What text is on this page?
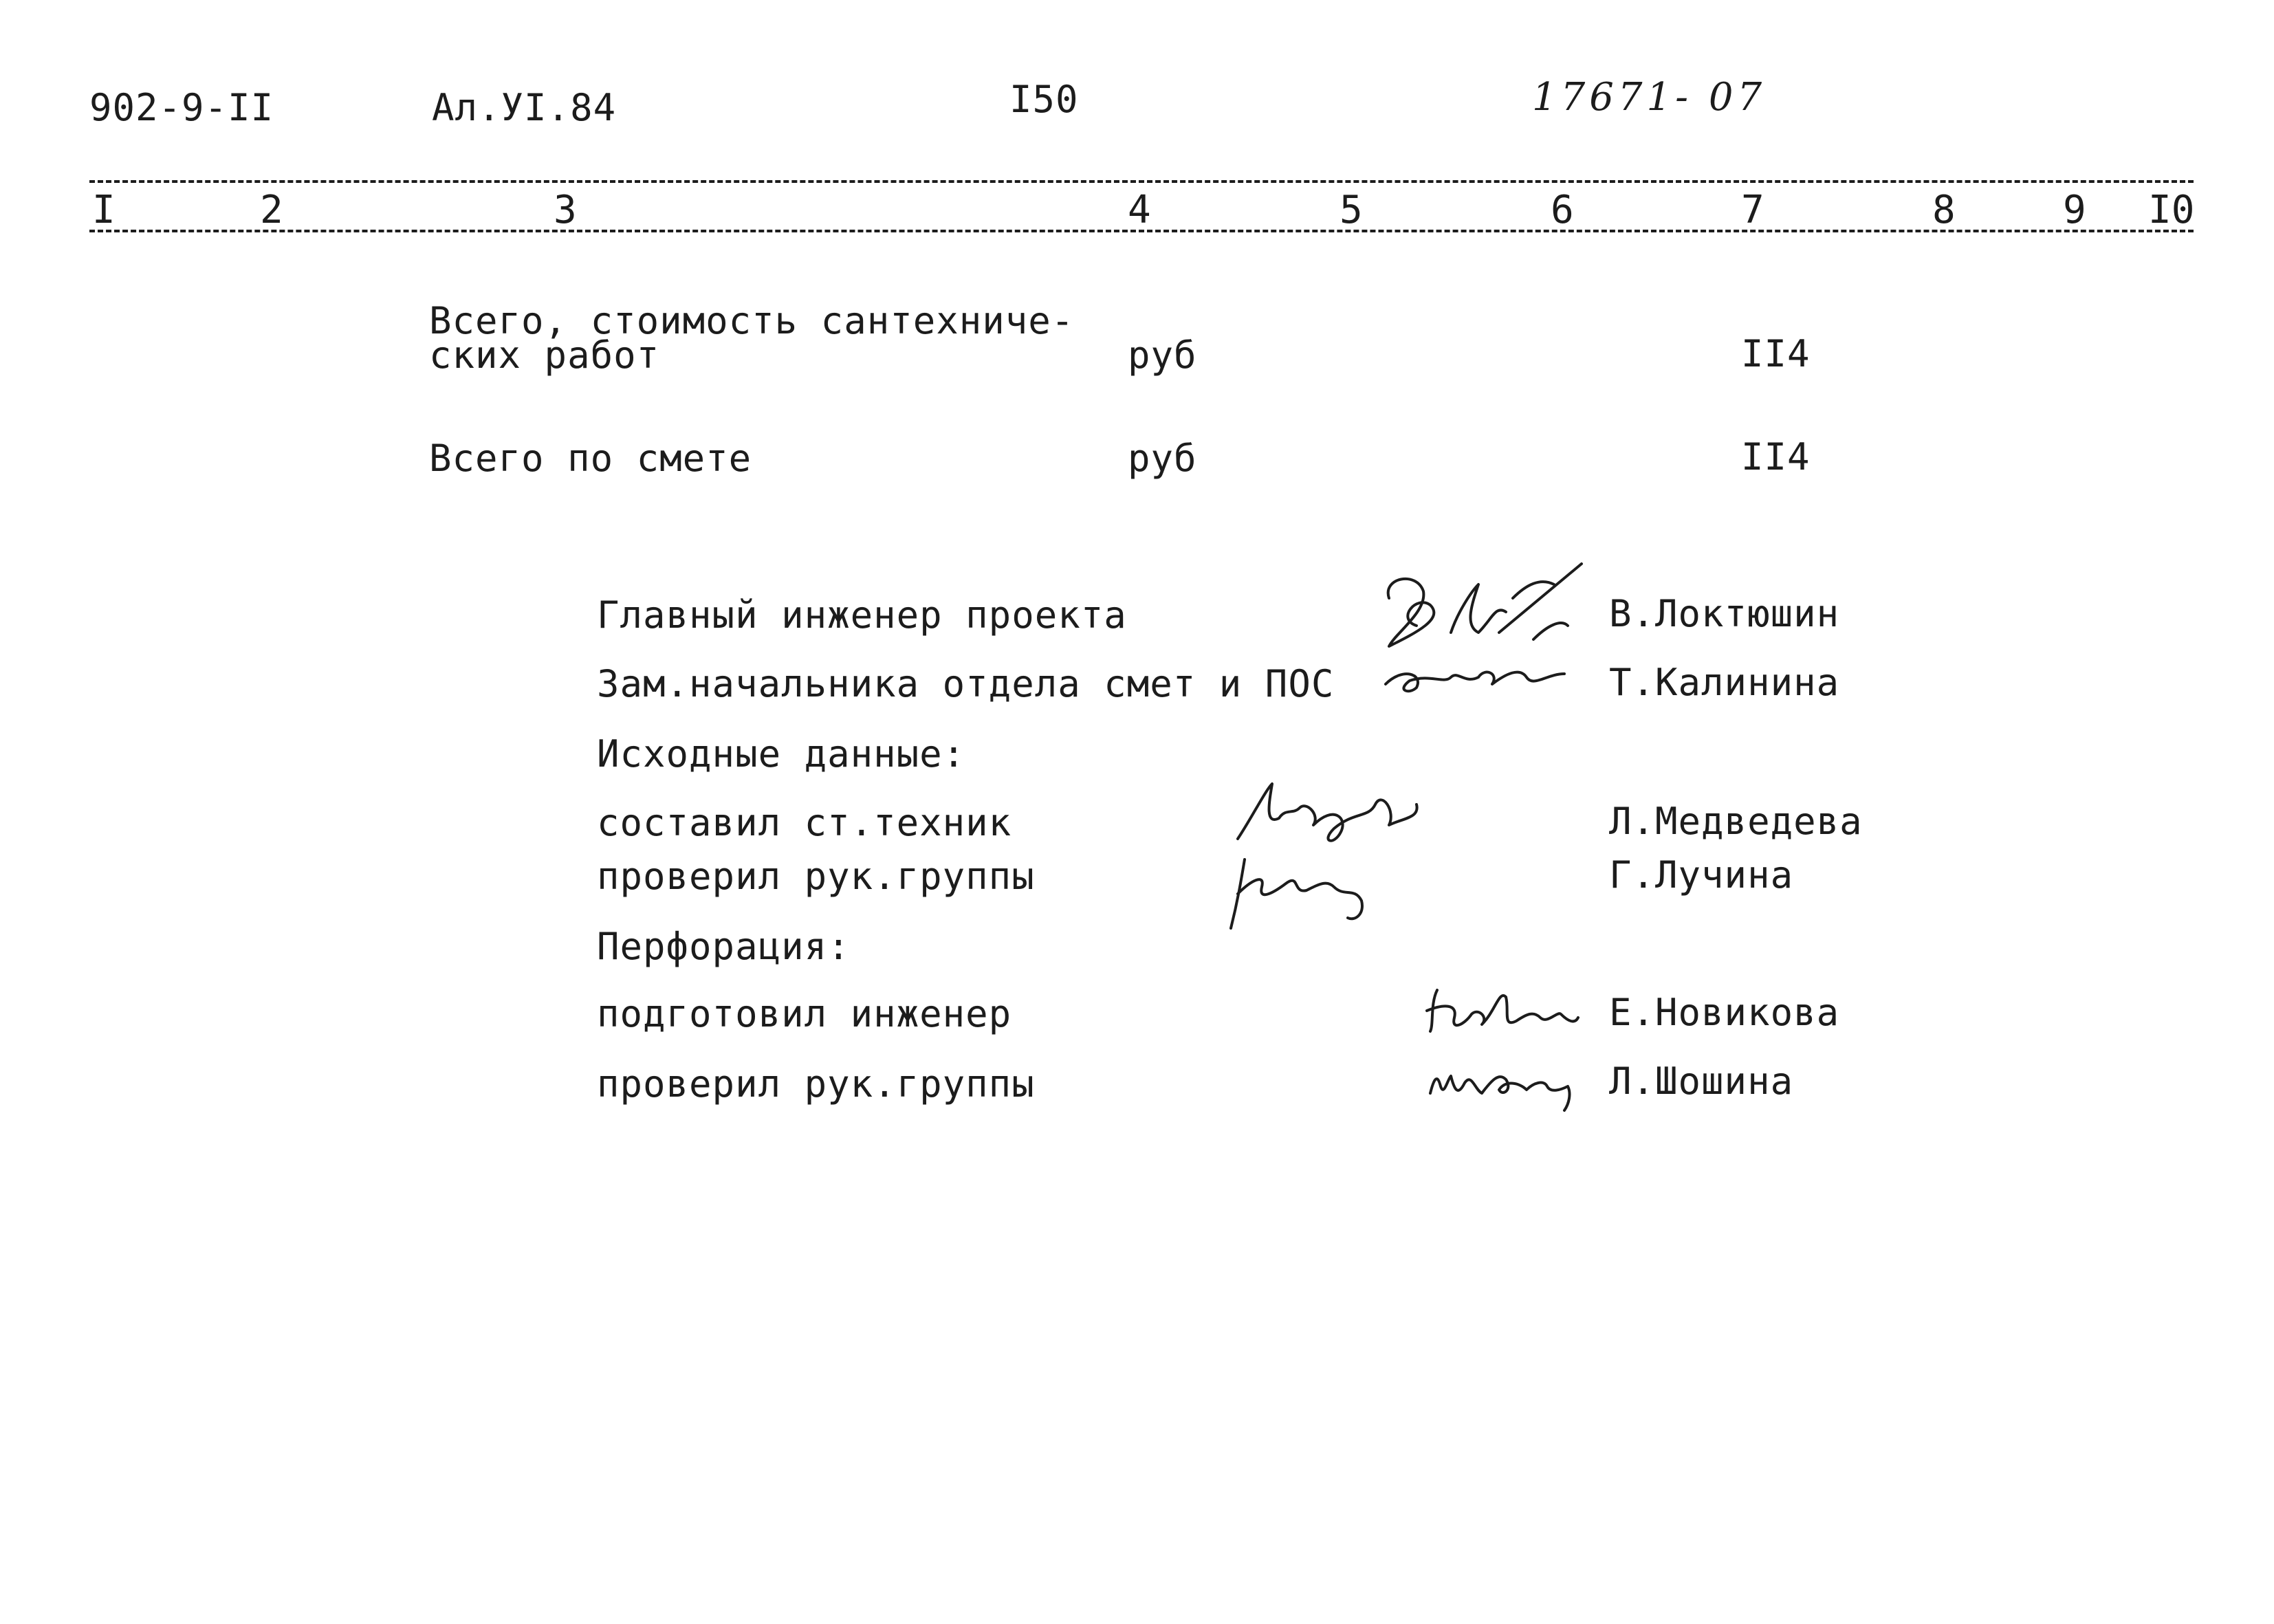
902-9-II	Ал.УI.84	I50	17671- 07
I	2	3	4	5	6	7	8	9 I0
Всего, стоимость сантехниче-
ских работ	руб	II4
Всего по смете	руб	II4
Главный инженер проекта	В.Локтюшин
Зам.начальника отдела смет и ПОС	Т.Калинина
Исходные данные:
составил ст.техник	Л.Медведева
проверил рук.группы	Г.Лучина
Перфорация:
подготовил инженер	Е.Новикова
проверил рук.группы	Л.Шошина
